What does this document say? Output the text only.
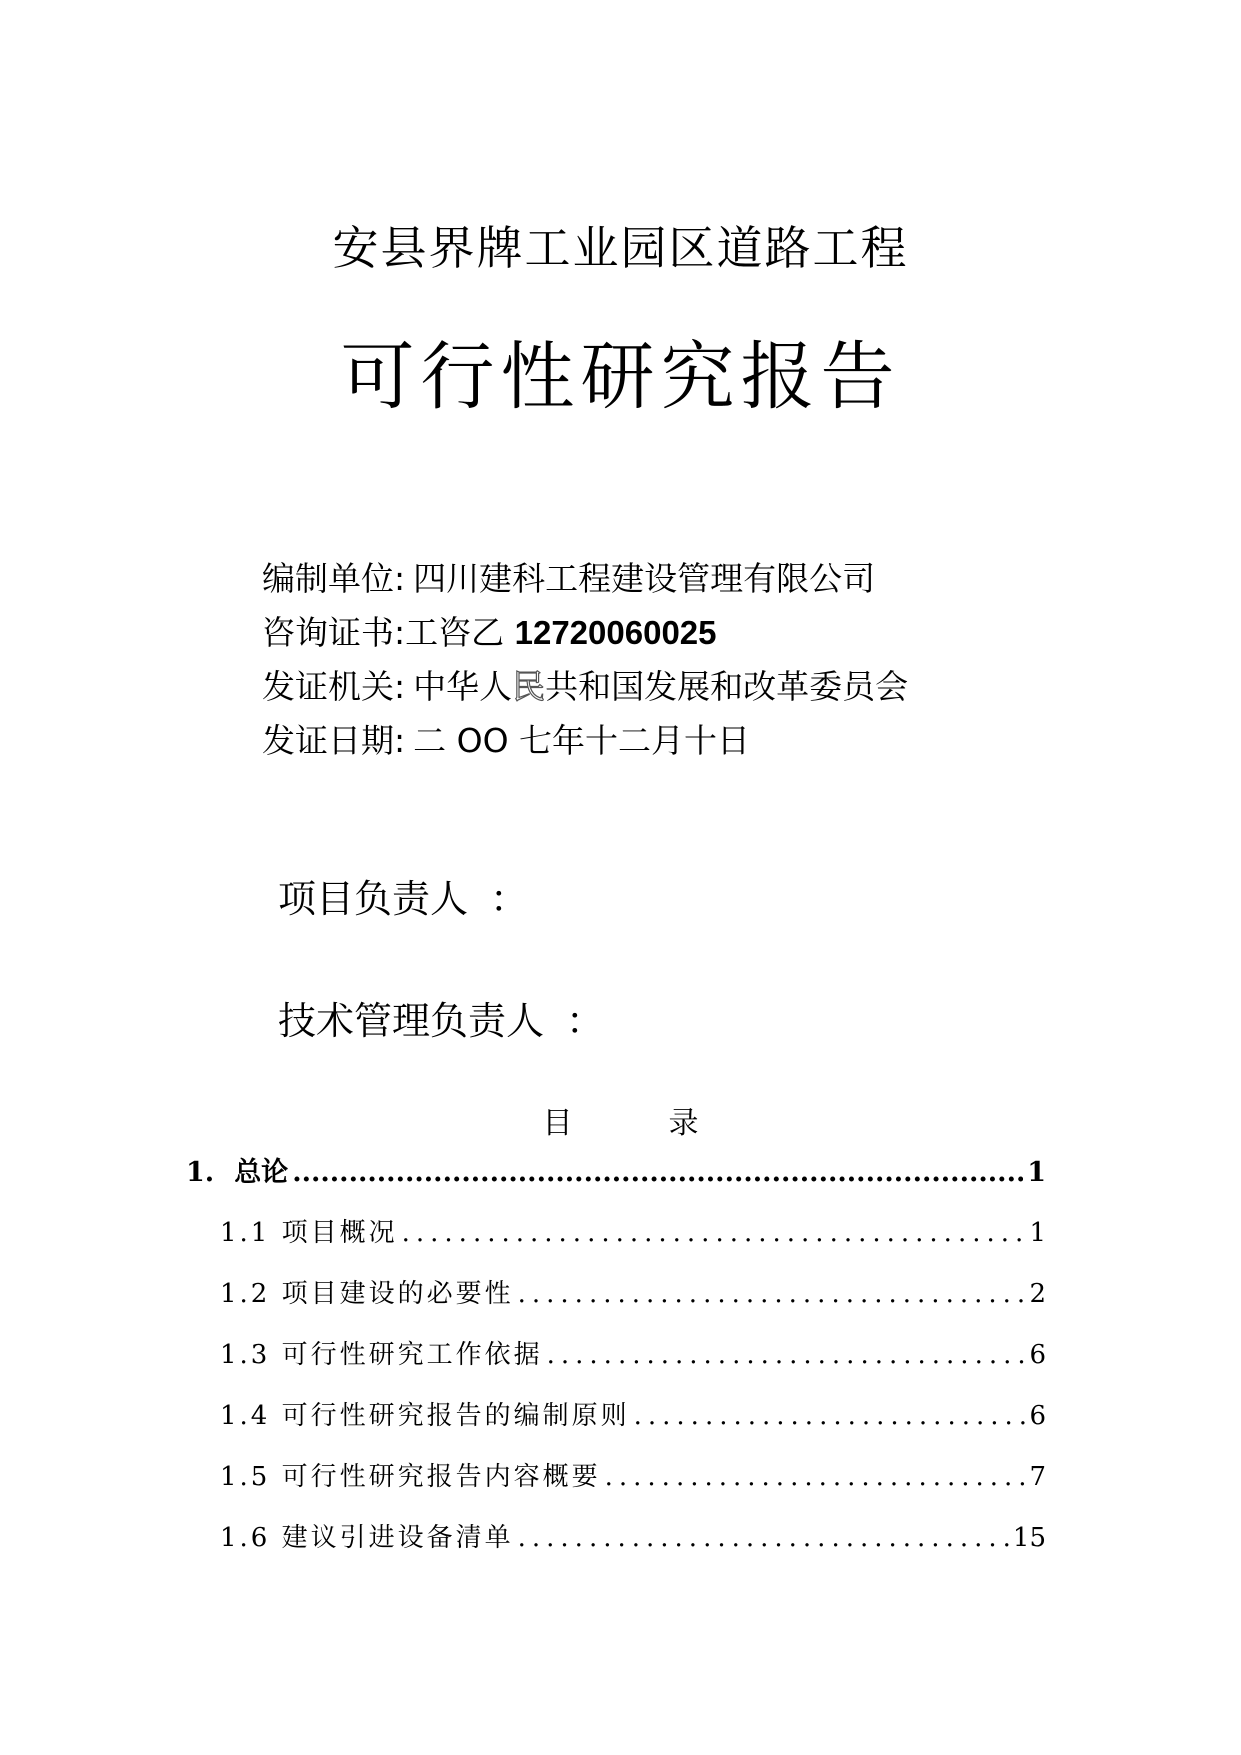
安县界牌工业园区道路工程
可行性研究报告
编制单位: 四川建科工程建设管理有限公司
咨询证书:工咨乙 12720060025
发证机关: 中华人民共和国发展和改革委员会
发证日期: 二 OO 七年十二月十日
项目负责人 ：
技术管理负责人 ：
目	录
1. 总论 .....	1
1.1 项目概况 .....	1
1.2 项目建设的必要性 .....	2
1.3 可行性研究工作依据 .....	6
1.4 可行性研究报告的编制原则 .....	6
1.5 可行性研究报告内容概要 .....	7
1.6 建议引进设备清单 .....	15
